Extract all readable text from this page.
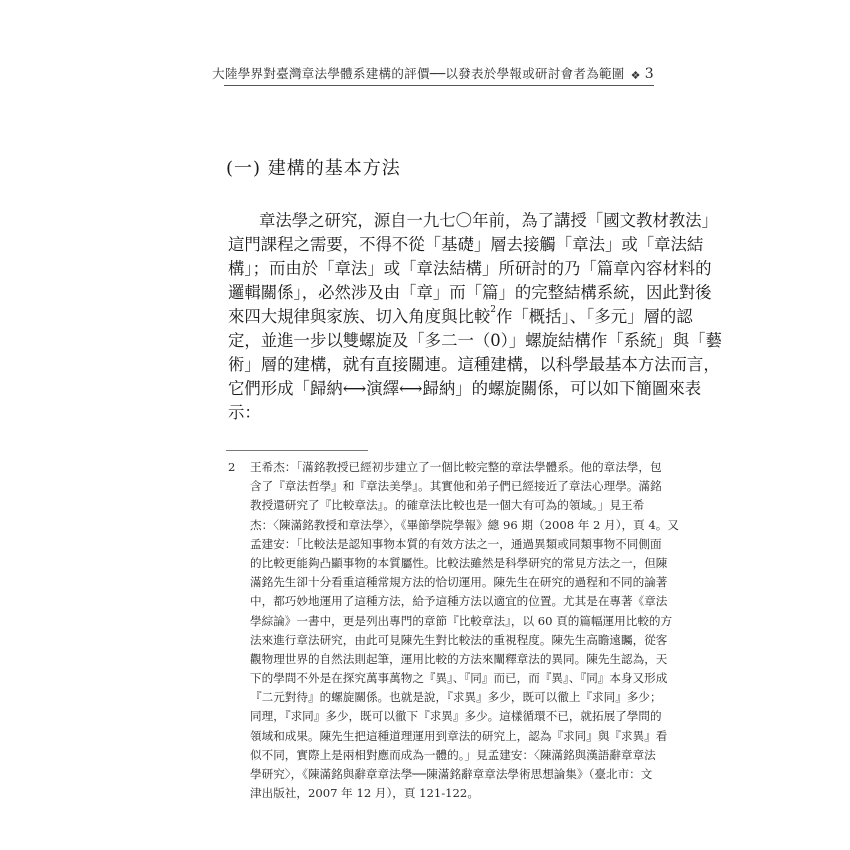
大陸學界對臺灣章法學體系建構的評價──以發表於學報或研討會者為範圍 ❖ 3
(一) 建構的基本方法
章法學之研究，源自一九七〇年前，為了講授「國文教材教法」
這門課程之需要，不得不從「基礎」層去接觸「章法」或「章法結
構」；而由於「章法」或「章法結構」所研討的乃「篇章內容材料的
邏輯關係」，必然涉及由「章」而「篇」的完整結構系統，因此對後
來四大規律與家族、切入角度與比較$^2$作「概括」、「多元」層的認
定，並進一步以雙螺旋及「多二一（0）」螺旋結構作「系統」與「藝
術」層的建構，就有直接關連。這種建構，以科學最基本方法而言，
它們形成「歸納⟷演繹⟷歸納」的螺旋關係，可以如下簡圖來表
示：
2 王希杰：「滿銘教授已經初步建立了一個比較完整的章法學體系。他的章法學，包
含了『章法哲學』和『章法美學』。其實他和弟子們已經接近了章法心理學。滿銘
教授還研究了『比較章法』。的確章法比較也是一個大有可為的領域。」見王希
杰：〈陳滿銘教授和章法學〉，《畢節學院學報》總 96 期（2008 年 2 月），頁 4。又
孟建安：「比較法是認知事物本質的有效方法之一，通過異類或同類事物不同側面
的比較更能夠凸顯事物的本質屬性。比較法雖然是科學研究的常見方法之一，但陳
滿銘先生卻十分看重這種常規方法的恰切運用。陳先生在研究的過程和不同的論著
中，都巧妙地運用了這種方法，給予這種方法以適宜的位置。尤其是在專著《章法
學綜論》一書中，更是列出專門的章節『比較章法』，以 60 頁的篇幅運用比較的方
法來進行章法研究，由此可見陳先生對比較法的重視程度。陳先生高瞻遠矚，從客
觀物理世界的自然法則起筆，運用比較的方法來闡釋章法的異同。陳先生認為，天
下的學問不外是在探究萬事萬物之『異』、『同』而已，而『異』、『同』本身又形成
『二元對待』的螺旋關係。也就是說，『求異』多少，既可以徹上『求同』多少；
同理，『求同』多少，既可以徹下『求異』多少。這樣循環不已，就拓展了學問的
領域和成果。陳先生把這種道理運用到章法的研究上，認為『求同』與『求異』看
似不同，實際上是兩相對應而成為一體的。」見孟建安：〈陳滿銘與漢語辭章章法
學研究〉，《陳滿銘與辭章章法學──陳滿銘辭章章法學術思想論集》（臺北市：文
津出版社，2007 年 12 月），頁 121-122。
